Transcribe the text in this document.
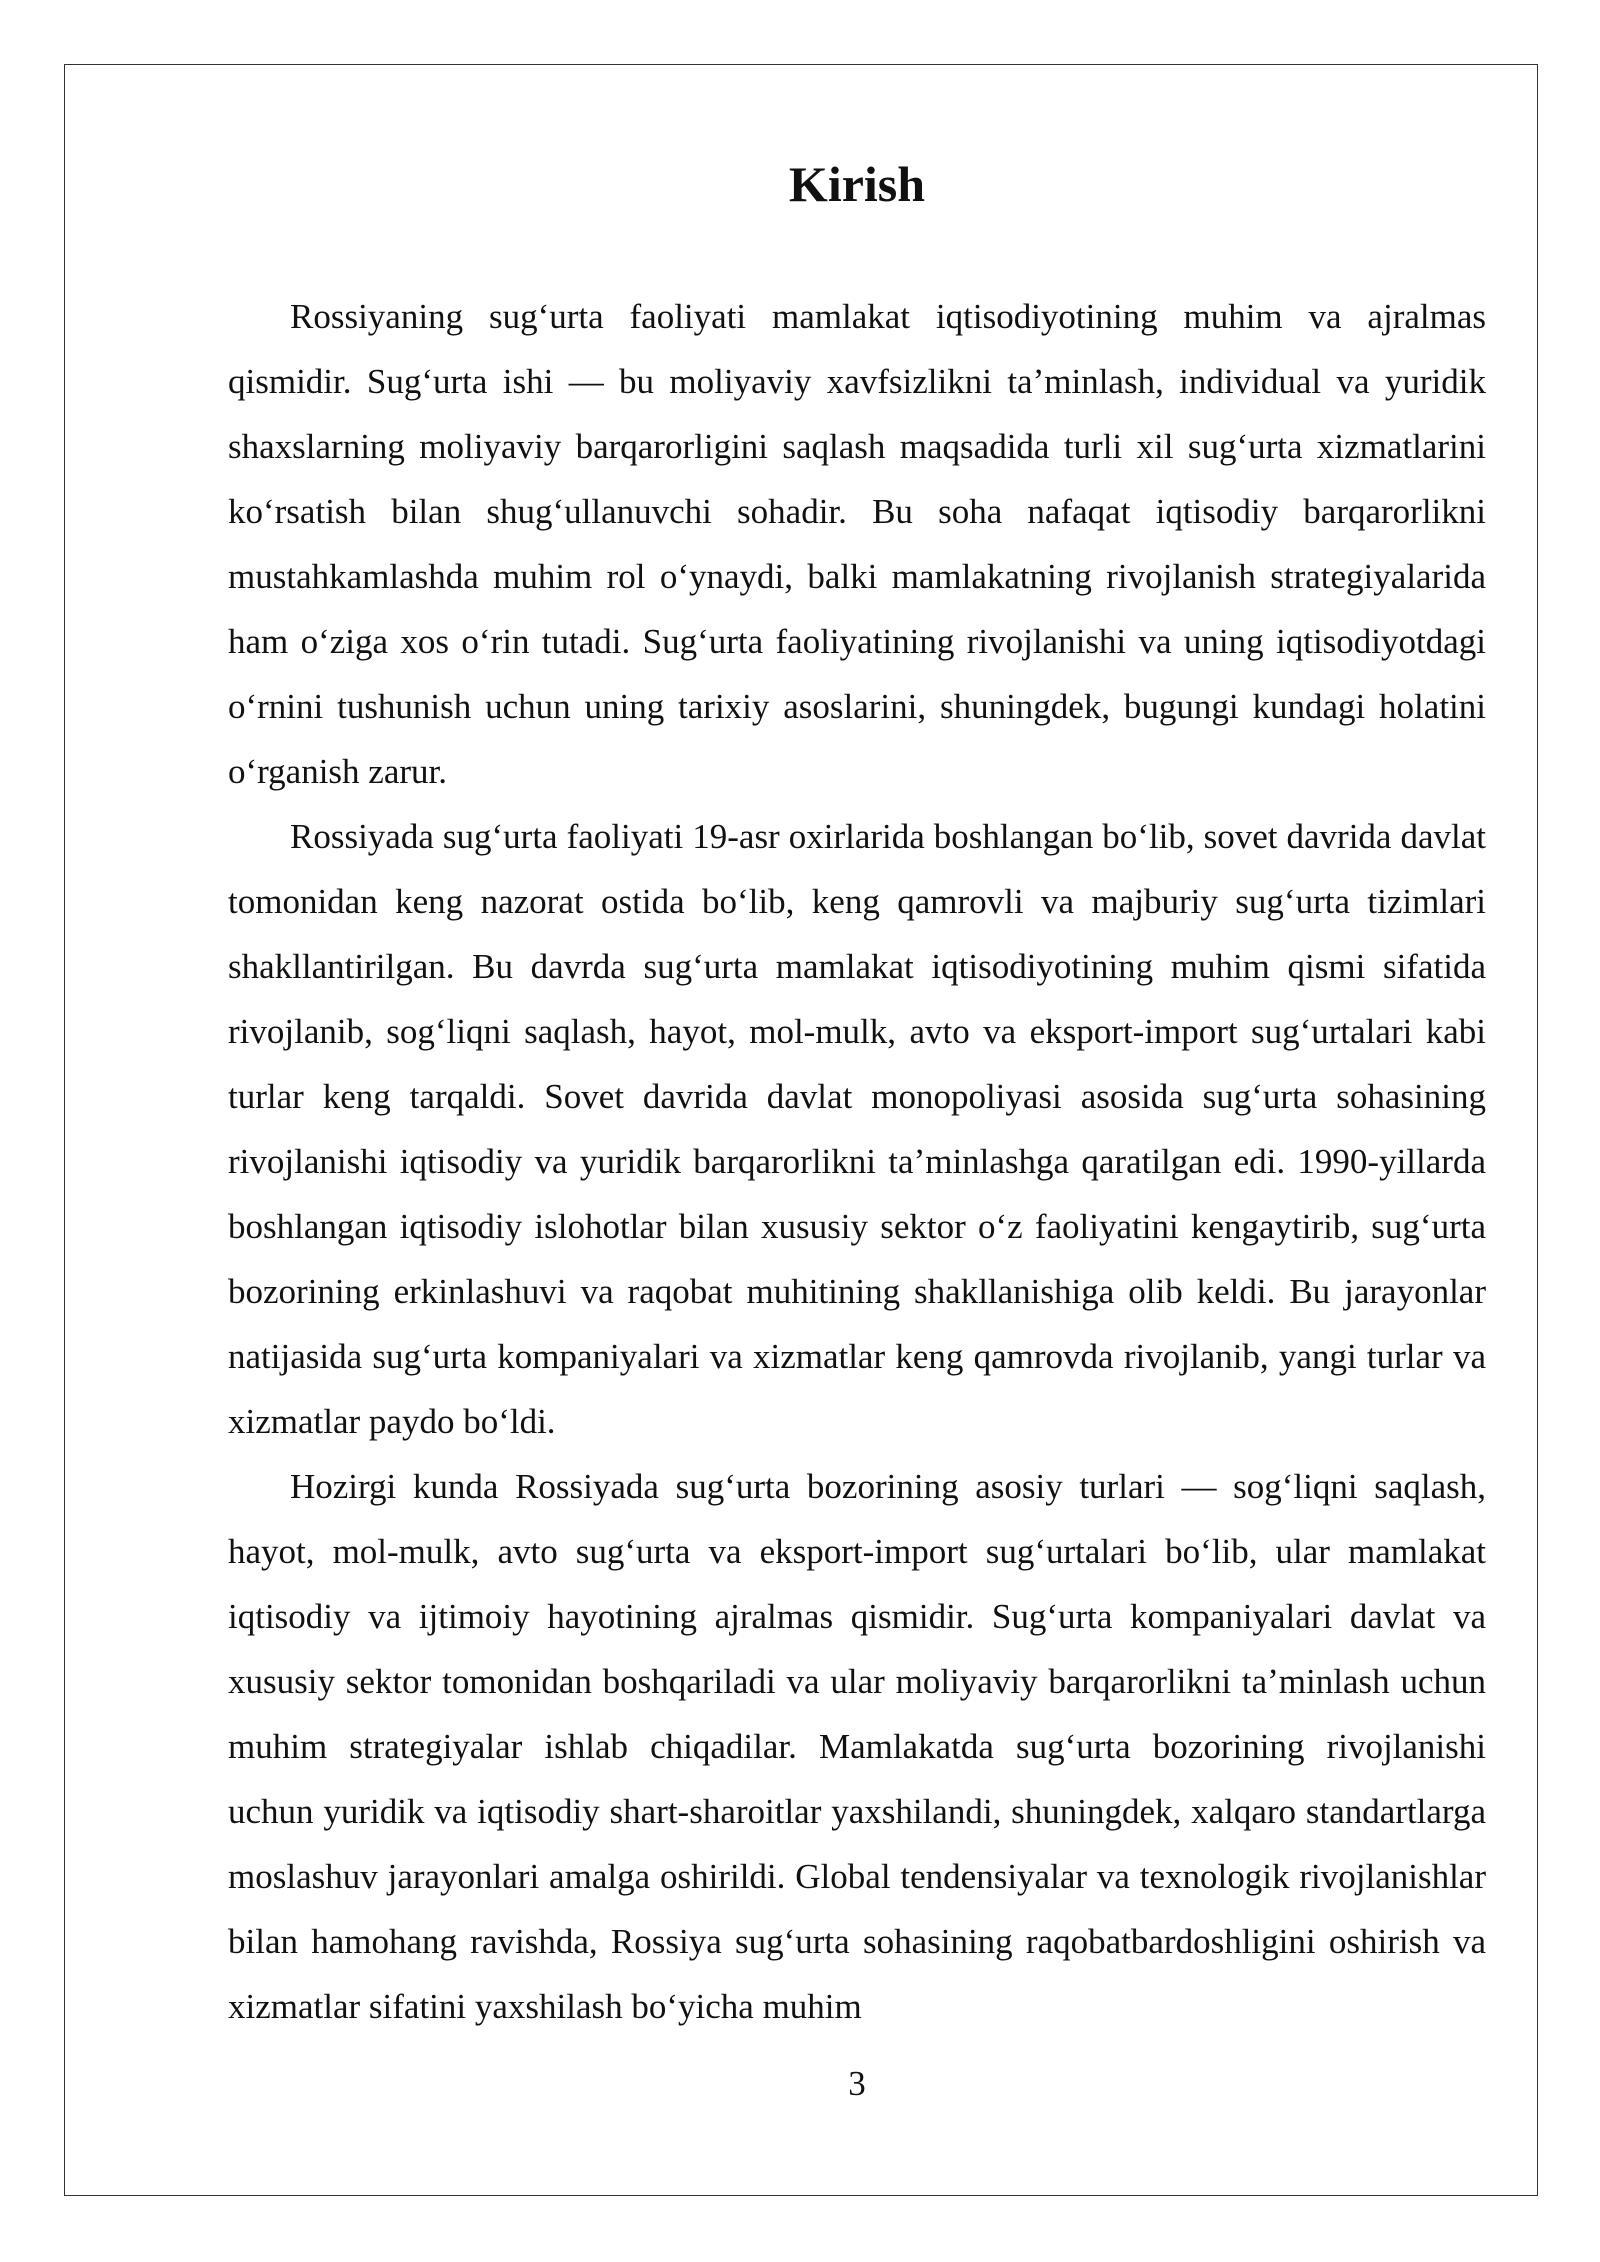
Kirish

Rossiyaning sugʻurta faoliyati mamlakat iqtisodiyotining muhim va ajralmas qismidir. Sugʻurta ishi — bu moliyaviy xavfsizlikni taʼminlash, individual va yuridik shaxslarning moliyaviy barqarorligini saqlash maqsadida turli xil sugʻurta xizmatlarini koʻrsatish bilan shugʻullanuvchi sohadir. Bu soha nafaqat iqtisodiy barqarorlikni mustahkamlashda muhim rol oʻynaydi, balki mamlakatning rivojlanish strategiyalarida ham oʻziga xos oʻrin tutadi. Sugʻurta faoliyatining rivojlanishi va uning iqtisodiyotdagi oʻrnini tushunish uchun uning tarixiy asoslarini, shuningdek, bugungi kundagi holatini oʻrganish zarur.

Rossiyada sugʻurta faoliyati 19-asr oxirlarida boshlangan boʻlib, sovet davrida davlat tomonidan keng nazorat ostida boʻlib, keng qamrovli va majburiy sugʻurta tizimlari shakllantirilgan. Bu davrda sugʻurta mamlakat iqtisodiyotining muhim qismi sifatida rivojlanib, sogʻliqni saqlash, hayot, mol-mulk, avto va eksport-import sugʻurtalari kabi turlar keng tarqaldi. Sovet davrida davlat monopoliyasi asosida sugʻurta sohasining rivojlanishi iqtisodiy va yuridik barqarorlikni taʼminlashga qaratilgan edi. 1990-yillarda boshlangan iqtisodiy islohotlar bilan xususiy sektor oʻz faoliyatini kengaytirib, sugʻurta bozorining erkinlashuvi va raqobat muhitining shakllanishiga olib keldi. Bu jarayonlar natijasida sugʻurta kompaniyalari va xizmatlar keng qamrovda rivojlanib, yangi turlar va xizmatlar paydo boʻldi.

Hozirgi kunda Rossiyada sugʻurta bozorining asosiy turlari — sogʻliqni saqlash, hayot, mol-mulk, avto sugʻurta va eksport-import sugʻurtalari boʻlib, ular mamlakat iqtisodiy va ijtimoiy hayotining ajralmas qismidir. Sugʻurta kompaniyalari davlat va xususiy sektor tomonidan boshqariladi va ular moliyaviy barqarorlikni taʼminlash uchun muhim strategiyalar ishlab chiqadilar. Mamlakatda sugʻurta bozorining rivojlanishi uchun yuridik va iqtisodiy shart-sharoitlar yaxshilandi, shuningdek, xalqaro standartlarga moslashuv jarayonlari amalga oshirildi. Global tendensiyalar va texnologik rivojlanishlar bilan hamohang ravishda, Rossiya sugʻurta sohasining raqobatbardoshligini oshirish va xizmatlar sifatini yaxshilash boʻyicha muhim

3
